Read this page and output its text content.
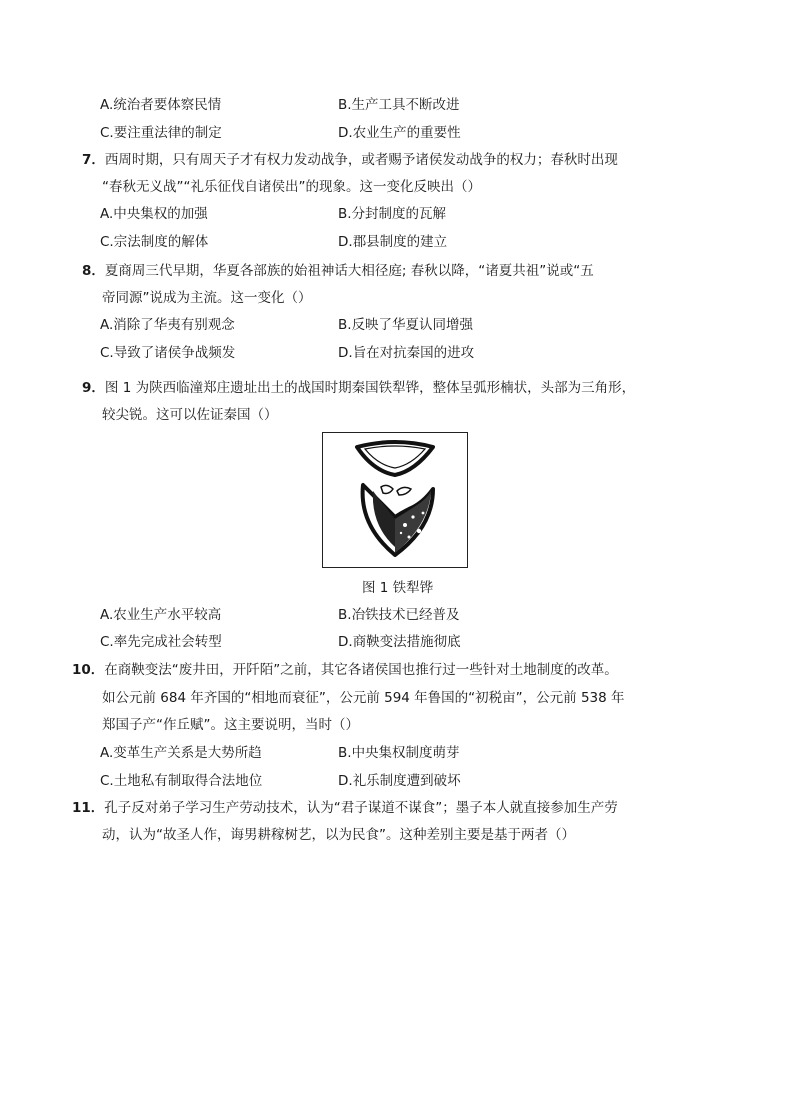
A.统治者要体察民情	B.生产工具不断改进
C.要注重法律的制定	D.农业生产的重要性
7．西周时期，只有周天子才有权力发动战争，或者赐予诸侯发动战争的权力；春秋时出现
“春秋无义战”“礼乐征伐自诸侯出”的现象。这一变化反映出（）
A.中央集权的加强	B.分封制度的瓦解
C.宗法制度的解体	D.郡县制度的建立
8．夏商周三代早期，华夏各部族的始祖神话大相径庭; 春秋以降，“诸夏共祖”说或“五
帝同源”说成为主流。这一变化（）
A.消除了华夷有别观念	B.反映了华夏认同增强
C.导致了诸侯争战频发	D.旨在对抗秦国的进攻
9．图 1 为陕西临潼郑庄遗址出土的战国时期秦国铁犁铧，整体呈弧形楠状，头部为三角形，
较尖锐。这可以佐证秦国（）
图 1 铁犁铧
A.农业生产水平较高	B.冶铁技术已经普及
C.率先完成社会转型	D.商鞅变法措施彻底
10．在商鞅变法“废井田，开阡陌”之前，其它各诸侯国也推行过一些针对土地制度的改革。
如公元前 684 年齐国的“相地而衰征”，公元前 594 年鲁国的“初税亩”，公元前 538 年
郑国子产“作丘赋”。这主要说明，当时（）
A.变革生产关系是大势所趋	B.中央集权制度萌芽
C.土地私有制取得合法地位	D.礼乐制度遭到破坏
11．孔子反对弟子学习生产劳动技术，认为“君子谋道不谋食”；墨子本人就直接参加生产劳
动，认为“故圣人作，诲男耕稼树艺，以为民食”。这种差别主要是基于两者（）
